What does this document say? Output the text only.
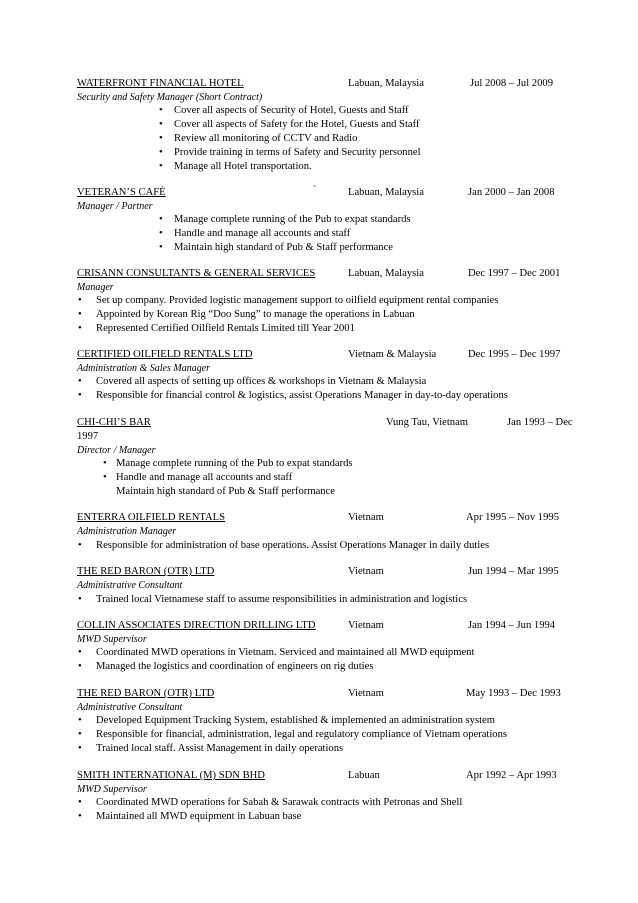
WATERFRONT FINANCIAL HOTEL	Labuan, Malaysia	Jul 2008 – Jul 2009
Security and Safety Manager (Short Contract)
• Cover all aspects of Security of Hotel, Guests and Staff
• Cover all aspects of Safety for the Hotel, Guests and Staff
• Review all monitoring of CCTV and Radio
• Provide training in terms of Safety and Security personnel
• Manage all Hotel transportation.
VETERAN’S CAFÉ	`	Labuan, Malaysia	Jan 2000 – Jan 2008
Manager / Partner
• Manage complete running of the Pub to expat standards
• Handle and manage all accounts and staff
• Maintain high standard of Pub & Staff performance
CRISANN CONSULTANTS & GENERAL SERVICES	Labuan, Malaysia	Dec 1997 – Dec 2001
Manager
• Set up company. Provided logistic management support to oilfield equipment rental companies
• Appointed by Korean Rig “Doo Sung” to manage the operations in Labuan
• Represented Certified Oilfield Rentals Limited till Year 2001
CERTIFIED OILFIELD RENTALS LTD	Vietnam & Malaysia	Dec 1995 – Dec 1997
Administration & Sales Manager
• Covered all aspects of setting up offices & workshops in Vietnam & Malaysia
• Responsible for financial control & logistics, assist Operations Manager in day-to-day operations
CHI-CHI’S BAR	Vung Tau, Vietnam	Jan 1993 – Dec
1997
Director / Manager
• Manage complete running of the Pub to expat standards
• Handle and manage all accounts and staff
Maintain high standard of Pub & Staff performance
ENTERRA OILFIELD RENTALS	Vietnam	Apr 1995 – Nov 1995
Administration Manager
• Responsible for administration of base operations. Assist Operations Manager in daily duties
THE RED BARON (OTR) LTD	Vietnam	Jun 1994 – Mar 1995
Administrative Consultant
• Trained local Vietnamese staff to assume responsibilities in administration and logistics
COLLIN ASSOCIATES DIRECTION DRILLING LTD	Vietnam	Jan 1994 – Jun 1994
MWD Supervisor
• Coordinated MWD operations in Vietnam. Serviced and maintained all MWD equipment
• Managed the logistics and coordination of engineers on rig duties
THE RED BARON (OTR) LTD	Vietnam	May 1993 – Dec 1993
Administrative Consultant
• Developed Equipment Tracking System, established & implemented an administration system
• Responsible for financial, administration, legal and regulatory compliance of Vietnam operations
• Trained local staff. Assist Management in daily operations
SMITH INTERNATIONAL (M) SDN BHD	Labuan	Apr 1992 – Apr 1993
MWD Supervisor
• Coordinated MWD operations for Sabah & Sarawak contracts with Petronas and Shell
• Maintained all MWD equipment in Labuan base
